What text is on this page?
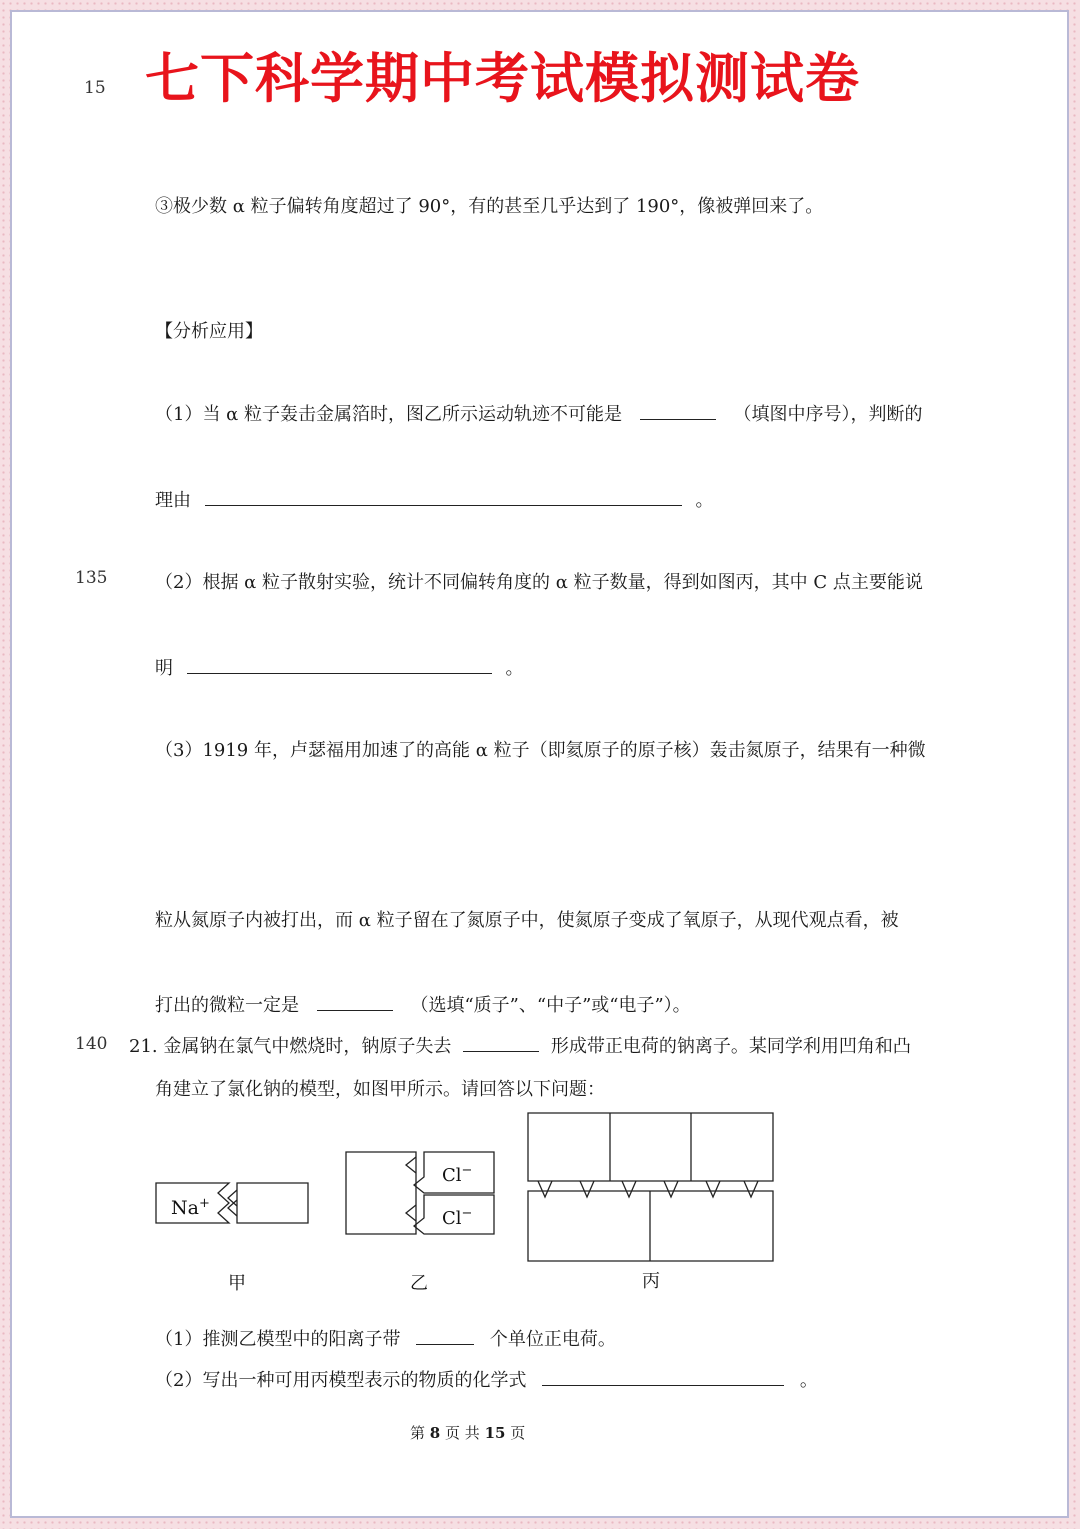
七下科学期中考试模拟测试卷
15
135
140
③极少数 α 粒子偏转角度超过了 90°，有的甚至几乎达到了 190°，像被弹回来了。
【分析应用】
（1）当 α 粒子轰击金属箔时，图乙所示运动轨迹不可能是	（填图中序号），判断的
理由	。
（2）根据 α 粒子散射实验，统计不同偏转角度的 α 粒子数量，得到如图丙，其中 C 点主要能说
明	。
（3）1919 年，卢瑟福用加速了的高能 α 粒子（即氦原子的原子核）轰击氮原子，结果有一种微
粒从氮原子内被打出，而 α 粒子留在了氮原子中，使氮原子变成了氧原子，从现代观点看，被
打出的微粒一定是	（选填“质子”、“中子”或“电子”）。
21. 金属钠在氯气中燃烧时，钠原子失去	形成带正电荷的钠离子。某同学利用凹角和凸
角建立了氯化钠的模型，如图甲所示。请回答以下问题：
Na+
甲
Cl−
Cl−
乙	丙
（1）推测乙模型中的阳离子带	个单位正电荷。
（2）写出一种可用丙模型表示的物质的化学式	。
第 8 页 共 15 页
